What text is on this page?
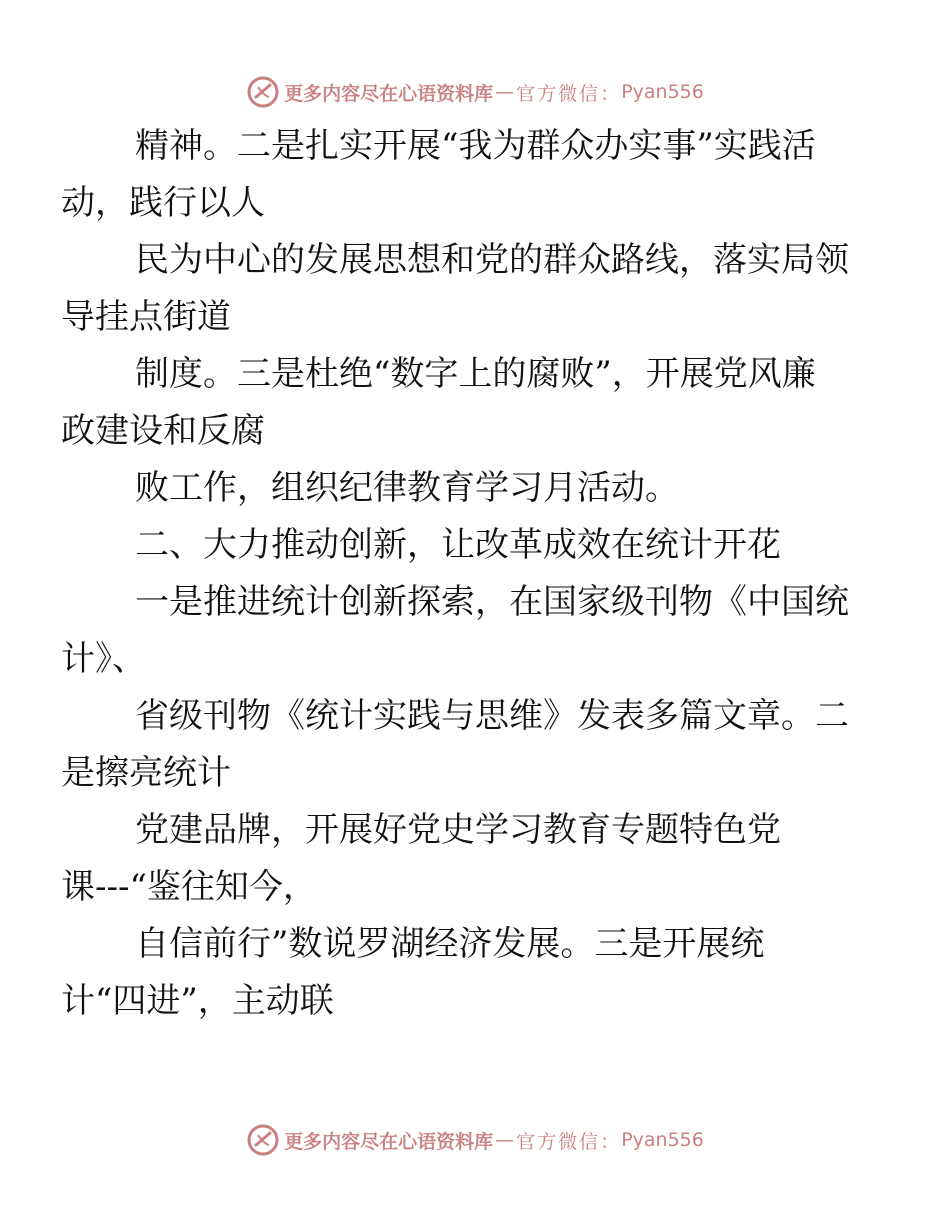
更多内容尽在心语资料库 — 官方微信： Pyan556

精神。二是扎实开展“我为群众办实事”实践活
动，践行以人

民为中心的发展思想和党的群众路线，落实局领
导挂点街道

制度。三是杜绝“数字上的腐败”，开展党风廉
政建设和反腐

败工作，组织纪律教育学习月活动。

二、大力推动创新，让改革成效在统计开花

一是推进统计创新探索，在国家级刊物《中国统
计》、

省级刊物《统计实践与思维》发表多篇文章。二
是擦亮统计

党建品牌，开展好党史学习教育专题特色党
课---“鉴往知今，

自信前行”数说罗湖经济发展。三是开展统
计“四进”，主动联

更多内容尽在心语资料库 — 官方微信： Pyan556
